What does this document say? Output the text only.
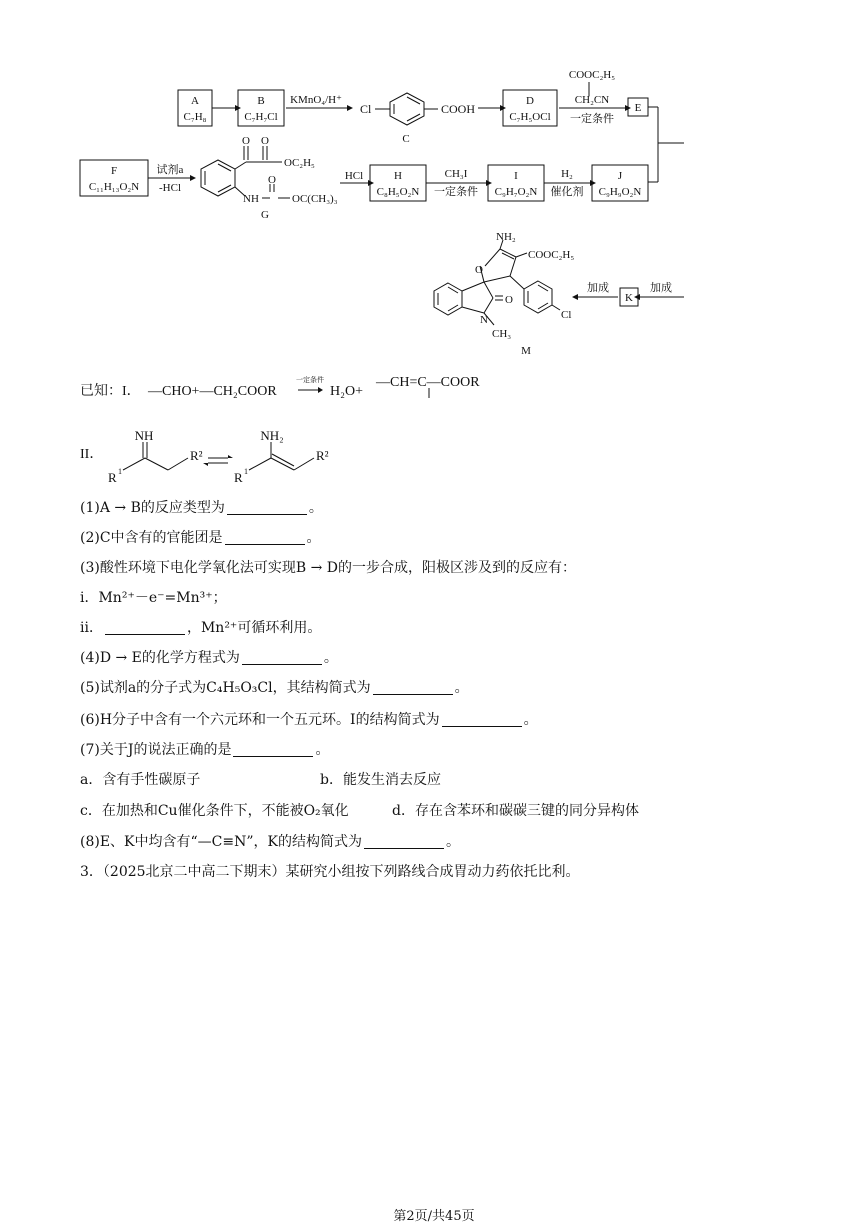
A
C₇H₈
B
C₇H₇Cl
KMnO₄/H⁺
Cl	COOH
C
D
C₇H₅OCl
COOC₂H₅
CH₂CN
一定条件
E
F
C₁₁H₁₃O₂N
试剂a
-HCl
O O
OC₂H₅
NH
O
OC(CH₃)₃
G
HCl	H
C₈H₅O₂N
CH₃I
一定条件
I
C₉H₇O₂N
H₂
催化剂
J
C₉H₉O₂N
NH₂
COOC₂H₅
O
O
N
CH₃
Cl
M
加成
K
加成
已知：I． —CHO+—CH₂COOR
一定条件
H₂O+
—CH=C—COOR
II．
NH
R 1
R²
NH₂
R 1
R²
(1)A → B的反应类型为	。
(2)C中含有的官能团是	。
(3)酸性环境下电化学氧化法可实现B → D的一步合成，阳极区涉及到的反应有：
i．Mn²⁺－e⁻=Mn³⁺；
ii．	，Mn²⁺可循环利用。
(4)D → E的化学方程式为	。
(5)试剂a的分子式为C₄H₅O₃Cl，其结构简式为	。
(6)H分子中含有一个六元环和一个五元环。I的结构简式为	。
(7)关于J的说法正确的是	。
a．含有手性碳原子	b．能发生消去反应
c．在加热和Cu催化条件下，不能被O₂氧化	d．存在含苯环和碳碳三键的同分异构体
(8)E、K中均含有“—C≡N”，K的结构简式为	。
3．（2025北京二中高二下期末）某研究小组按下列路线合成胃动力药依托比利。
第2页/共45页
